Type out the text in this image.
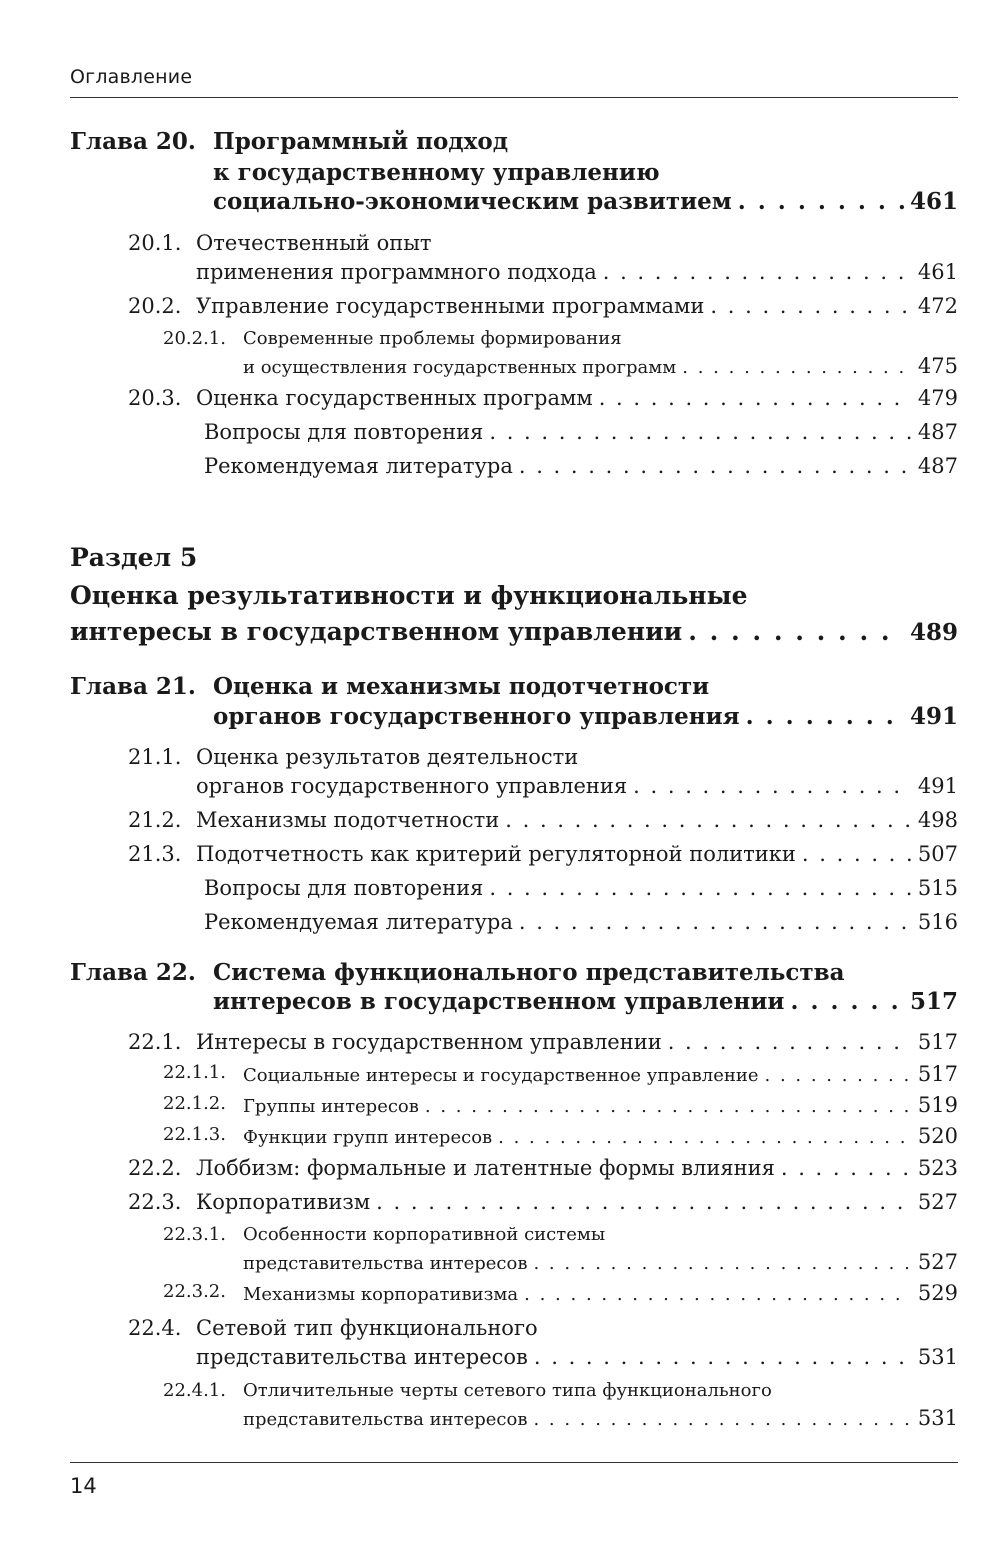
Оглавление
Глава 20. Программный подход
к государственному управлению
социально-экономическим развитием . . .	461
20.1. Отечественный опыт
применения программного подхода . . .	461
20.2. Управление государственными программами . . .	472
20.2.1. Современные проблемы формирования
и осуществления государственных программ . . .	475
20.3. Оценка государственных программ . . .	479
Вопросы для повторения . . .	487
Рекомендуемая литература . . .	487
Раздел 5
Оценка результативности и функциональные
интересы в государственном управлении . . .	489
Глава 21. Оценка и механизмы подотчетности
органов государственного управления . . .	491
21.1. Оценка результатов деятельности
органов государственного управления . . .	491
21.2. Механизмы подотчетности . . .	498
21.3. Подотчетность как критерий регуляторной политики . . .	507
Вопросы для повторения . . .	515
Рекомендуемая литература . . .	516
Глава 22. Система функционального представительства
интересов в государственном управлении . . .	517
22.1. Интересы в государственном управлении . . .	517
22.1.1. Социальные интересы и государственное управление . . .	517
22.1.2. Группы интересов . . .	519
22.1.3. Функции групп интересов . . .	520
22.2. Лоббизм: формальные и латентные формы влияния . . .	523
22.3. Корпоративизм . . .	527
22.3.1. Особенности корпоративной системы
представительства интересов . . .	527
22.3.2. Механизмы корпоративизма . . .	529
22.4. Сетевой тип функционального
представительства интересов . . .	531
22.4.1. Отличительные черты сетевого типа функционального
представительства интересов . . .	531
14
